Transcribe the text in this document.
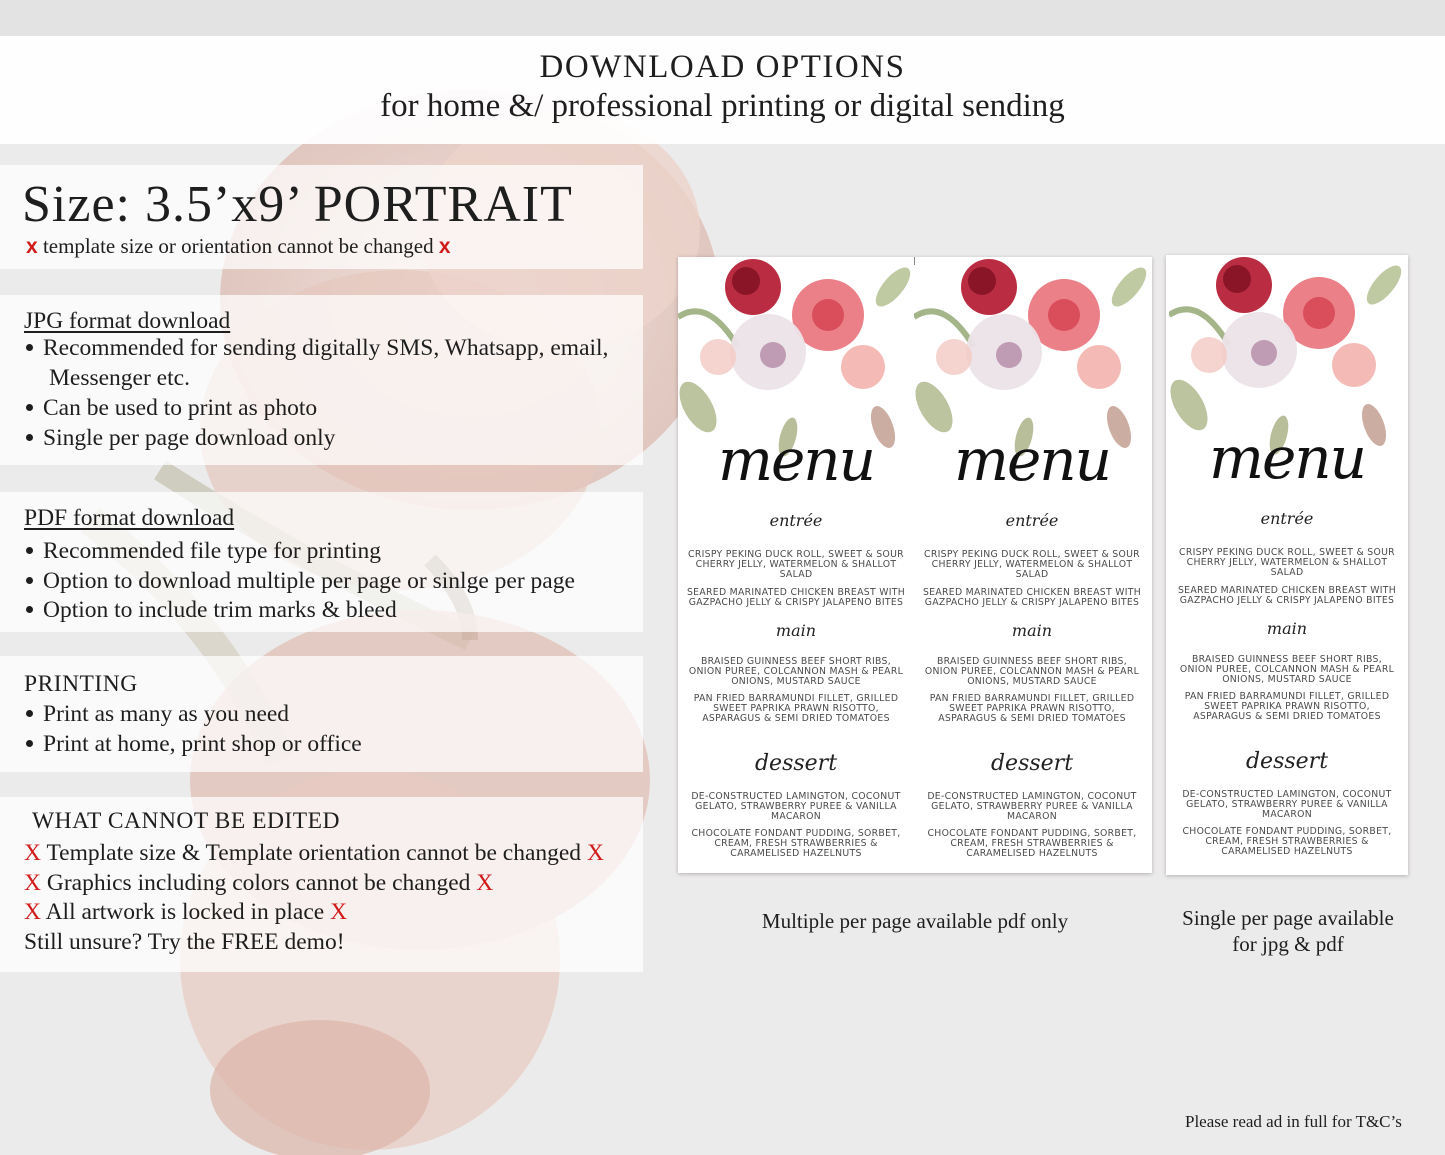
DOWNLOAD OPTIONS
for home &/ professional printing or digital sending
Size: 3.5’x9’ PORTRAIT
x template size or orientation cannot be changed x
JPG format download
Recommended for sending digitally SMS, Whatsapp, email,
Messenger etc.
Can be used to print as photo
Single per page download only
PDF format download
Recommended file type for printing
Option to download multiple per page or sinlge per page
Option to include trim marks & bleed
PRINTING
Print as many as you need
Print at home, print shop or office
WHAT CANNOT BE EDITED
X Template size & Template orientation cannot be changed X
X Graphics including colors cannot be changed X
X All artwork is locked in place X
Still unsure? Try the FREE demo!
menu
entrée
CRISPY PEKING DUCK ROLL, SWEET & SOUR CHERRY JELLY, WATERMELON & SHALLOT SALAD
SEARED MARINATED CHICKEN BREAST WITH GAZPACHO JELLY & CRISPY JALAPENO BITES
main
BRAISED GUINNESS BEEF SHORT RIBS, ONION PUREE, COLCANNON MASH & PEARL ONIONS, MUSTARD SAUCE
PAN FRIED BARRAMUNDI FILLET, GRILLED SWEET PAPRIKA PRAWN RISOTTO, ASPARAGUS & SEMI DRIED TOMATOES
dessert
DE-CONSTRUCTED LAMINGTON, COCONUT GELATO, STRAWBERRY PUREE & VANILLA MACARON
CHOCOLATE FONDANT PUDDING, SORBET, CREAM, FRESH STRAWBERRIES & CARAMELISED HAZELNUTS
menu
entrée
CRISPY PEKING DUCK ROLL, SWEET & SOUR CHERRY JELLY, WATERMELON & SHALLOT SALAD
SEARED MARINATED CHICKEN BREAST WITH GAZPACHO JELLY & CRISPY JALAPENO BITES
main
BRAISED GUINNESS BEEF SHORT RIBS, ONION PUREE, COLCANNON MASH & PEARL ONIONS, MUSTARD SAUCE
PAN FRIED BARRAMUNDI FILLET, GRILLED SWEET PAPRIKA PRAWN RISOTTO, ASPARAGUS & SEMI DRIED TOMATOES
dessert
DE-CONSTRUCTED LAMINGTON, COCONUT GELATO, STRAWBERRY PUREE & VANILLA MACARON
CHOCOLATE FONDANT PUDDING, SORBET, CREAM, FRESH STRAWBERRIES & CARAMELISED HAZELNUTS
menu
entrée
CRISPY PEKING DUCK ROLL, SWEET & SOUR CHERRY JELLY, WATERMELON & SHALLOT SALAD
SEARED MARINATED CHICKEN BREAST WITH GAZPACHO JELLY & CRISPY JALAPENO BITES
main
BRAISED GUINNESS BEEF SHORT RIBS, ONION PUREE, COLCANNON MASH & PEARL ONIONS, MUSTARD SAUCE
PAN FRIED BARRAMUNDI FILLET, GRILLED SWEET PAPRIKA PRAWN RISOTTO, ASPARAGUS & SEMI DRIED TOMATOES
dessert
DE-CONSTRUCTED LAMINGTON, COCONUT GELATO, STRAWBERRY PUREE & VANILLA MACARON
CHOCOLATE FONDANT PUDDING, SORBET, CREAM, FRESH STRAWBERRIES & CARAMELISED HAZELNUTS
Multiple per page available pdf only	Single per page available
for jpg & pdf
Please read ad in full for T&C’s
